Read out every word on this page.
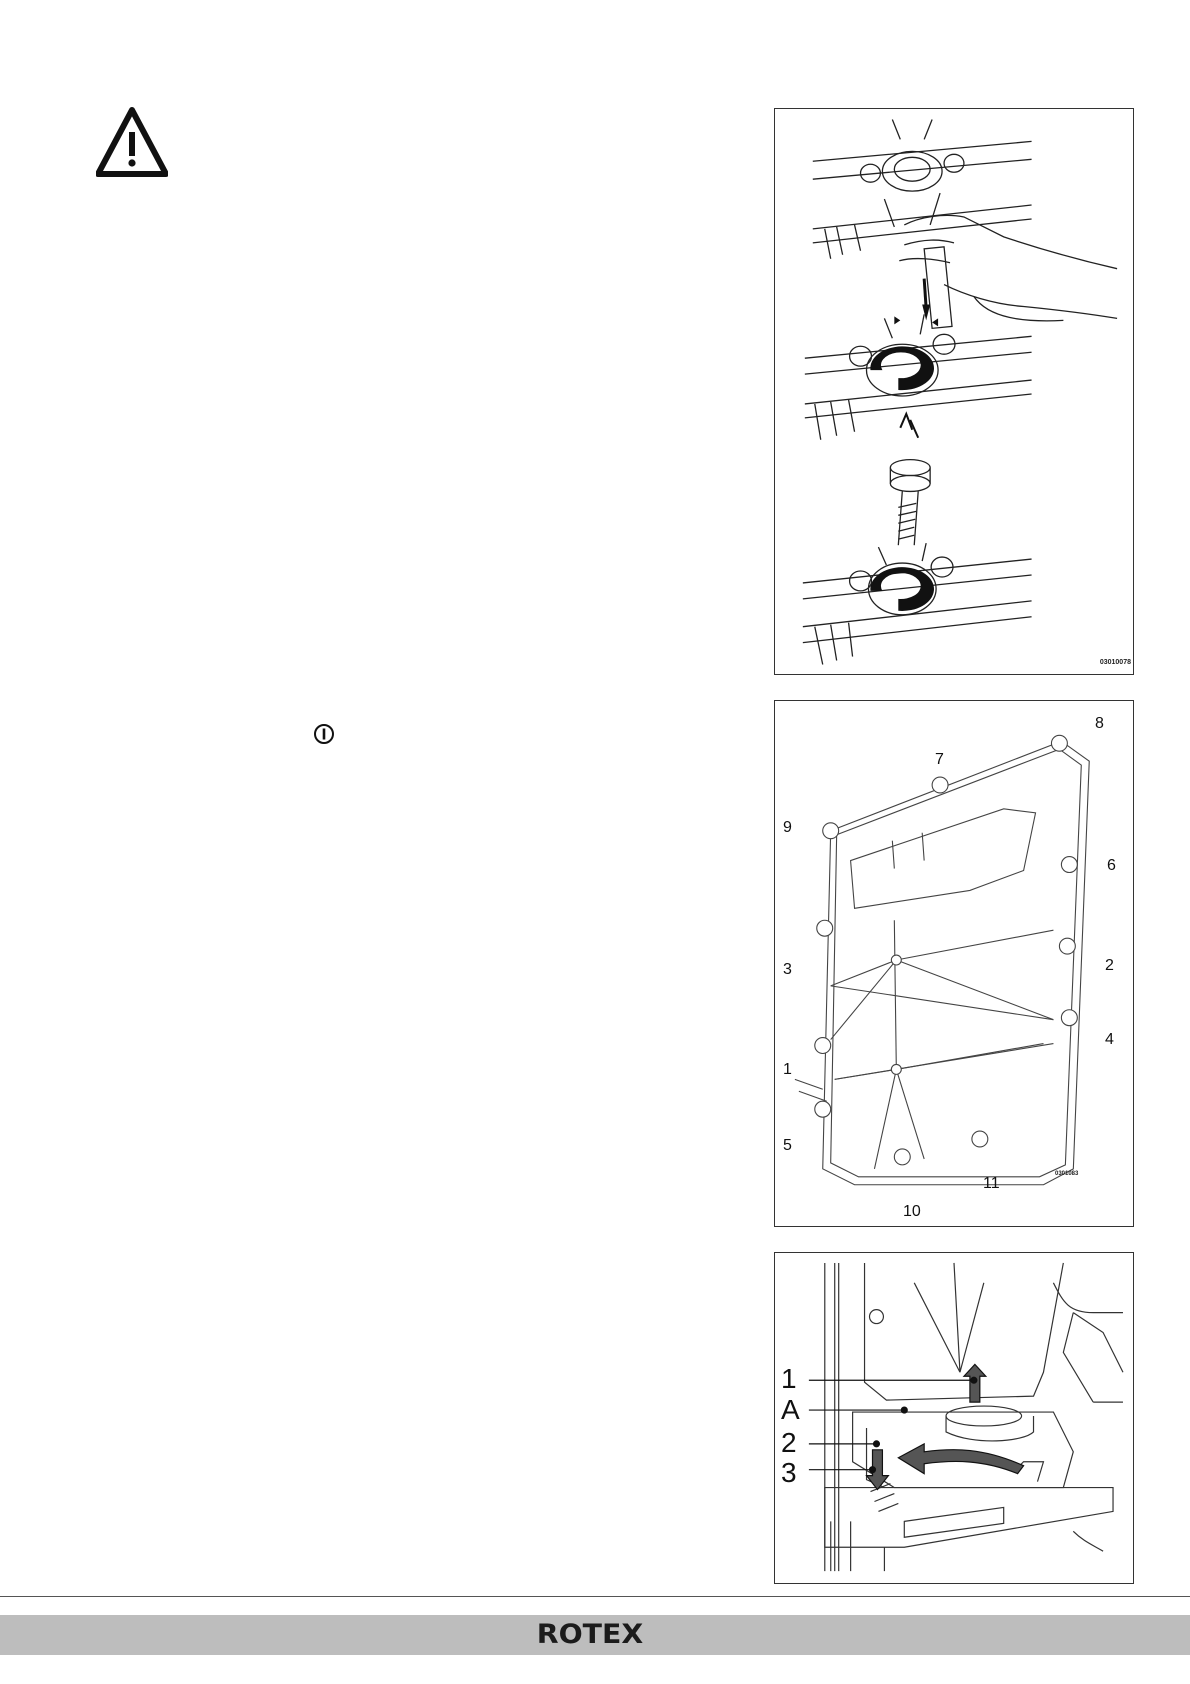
03010078
8
7
9
6
3	2
4
1
5
11
10
0301083
1
A
2
3
ROTEX
